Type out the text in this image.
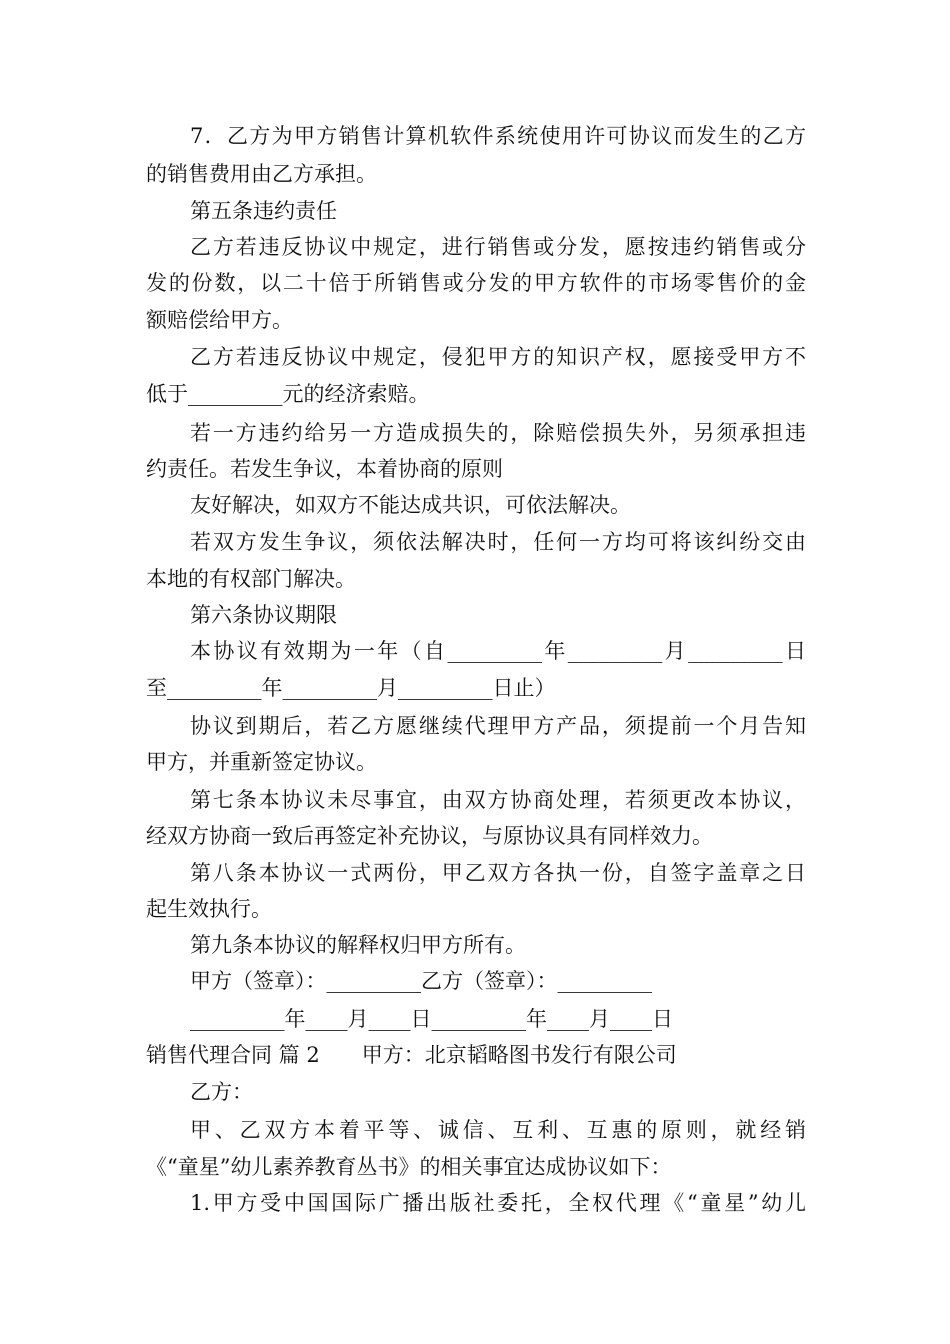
7．乙方为甲方销售计算机软件系统使用许可协议而发生的乙方
的销售费用由乙方承担。
第五条违约责任
乙方若违反协议中规定，进行销售或分发，愿按违约销售或分
发的份数，以二十倍于所销售或分发的甲方软件的市场零售价的金
额赔偿给甲方。
乙方若违反协议中规定，侵犯甲方的知识产权，愿接受甲方不
低于_________元的经济索赔。
若一方违约给另一方造成损失的，除赔偿损失外，另须承担违
约责任。若发生争议，本着协商的原则
友好解决，如双方不能达成共识，可依法解决。
若双方发生争议，须依法解决时，任何一方均可将该纠纷交由
本地的有权部门解决。
第六条协议期限
本协议有效期为一年（自_________年_________月_________日
至_________年_________月_________日止）
协议到期后，若乙方愿继续代理甲方产品，须提前一个月告知
甲方，并重新签定协议。
第七条本协议未尽事宜，由双方协商处理，若须更改本协议，
经双方协商一致后再签定补充协议，与原协议具有同样效力。
第八条本协议一式两份，甲乙双方各执一份，自签字盖章之日
起生效执行。
第九条本协议的解释权归甲方所有。
甲方（签章）：_________乙方（签章）：_________
_________年____月____日_________年____月____日
销售代理合同 篇 2　　甲方：北京韬略图书发行有限公司
乙方：
甲、乙双方本着平等、诚信、互利、互惠的原则，就经销
《“童星”幼儿素养教育丛书》的相关事宜达成协议如下：
1.甲方受中国国际广播出版社委托，全权代理《“童星”幼儿
